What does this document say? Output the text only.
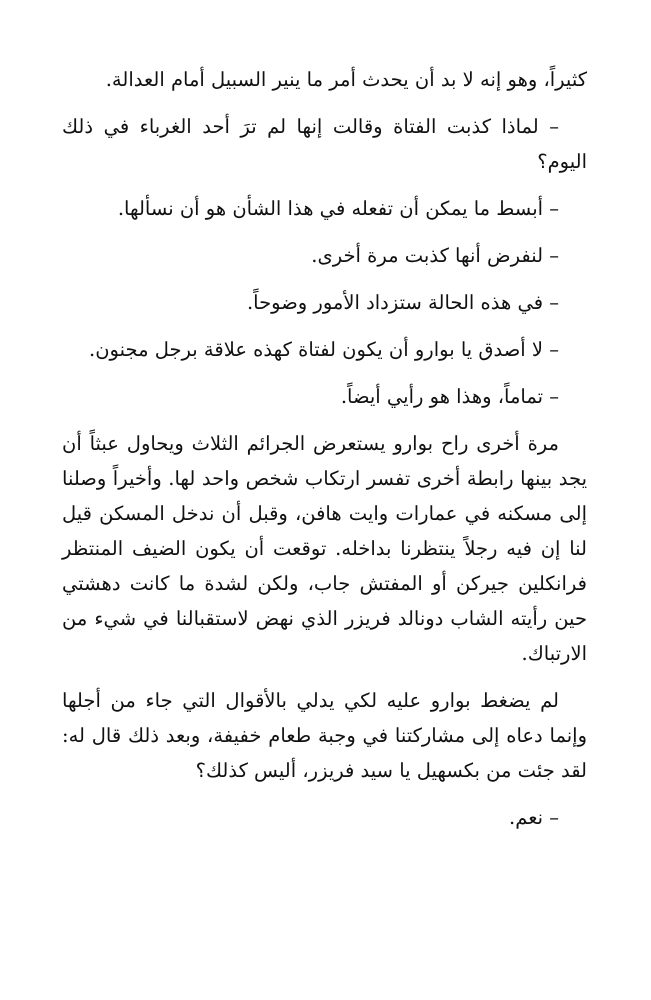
كثيراً، وهو إنه لا بد أن يحدث أمر ما ينير السبيل أمام العدالة.

– لماذا كذبت الفتاة وقالت إنها لم ترَ أحد الغرباء في ذلك اليوم؟

– أبسط ما يمكن أن تفعله في هذا الشأن هو أن نسألها.

– لنفرض أنها كذبت مرة أخرى.

– في هذه الحالة ستزداد الأمور وضوحاً.

– لا أصدق يا بوارو أن يكون لفتاة كهذه علاقة برجل مجنون.

– تماماً، وهذا هو رأيي أيضاً.

مرة أخرى راح بوارو يستعرض الجرائم الثلاث ويحاول عبثاً أن يجد بينها رابطة أخرى تفسر ارتكاب شخص واحد لها. وأخيراً وصلنا إلى مسكنه في عمارات وايت هافن، وقبل أن ندخل المسكن قيل لنا إن فيه رجلاً ينتظرنا بداخله. توقعت أن يكون الضيف المنتظر فرانكلين جيركن أو المفتش جاب، ولكن لشدة ما كانت دهشتي حين رأيته الشاب دونالد فريزر الذي نهض لاستقبالنا في شيء من الارتباك.

لم يضغط بوارو عليه لكي يدلي بالأقوال التي جاء من أجلها وإنما دعاه إلى مشاركتنا في وجبة طعام خفيفة، وبعد ذلك قال له: لقد جئت من بكسهيل يا سيد فريزر، أليس كذلك؟

– نعم.
